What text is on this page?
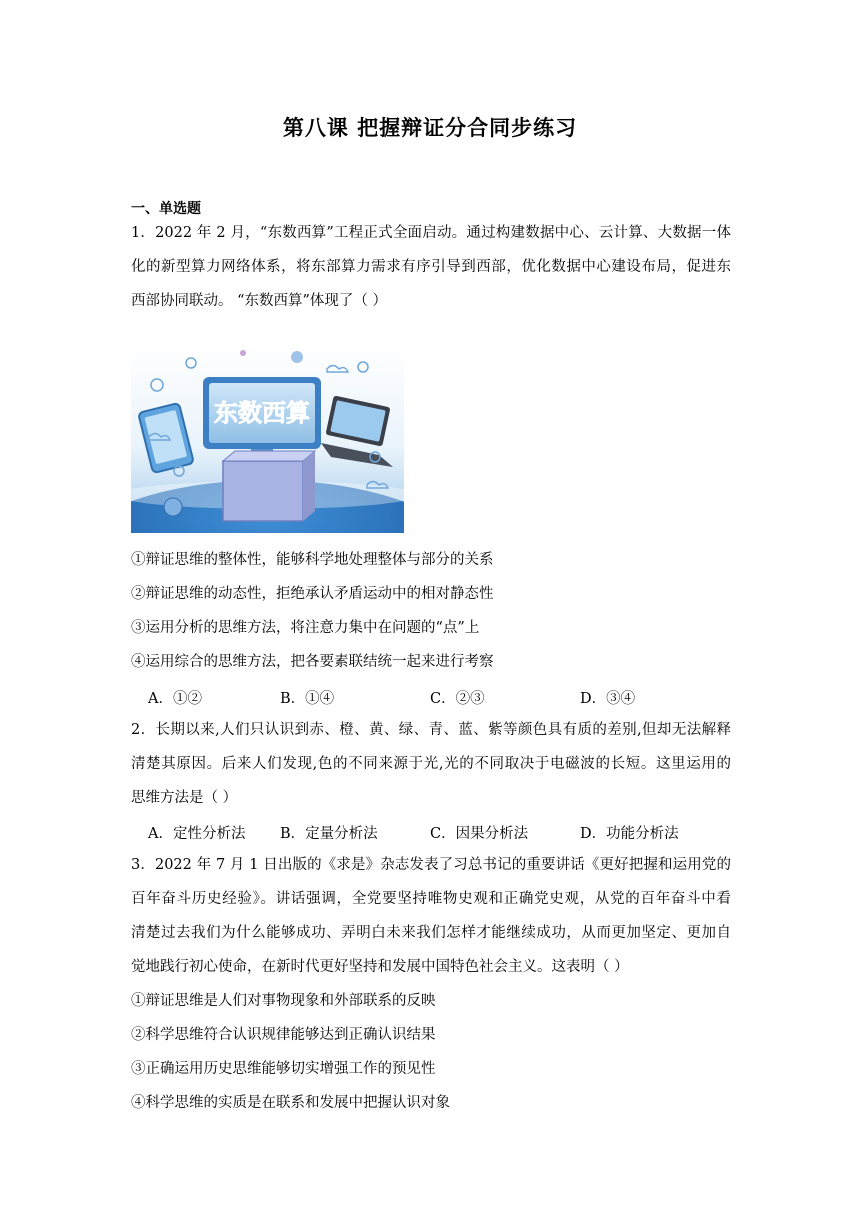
第八课 把握辩证分合同步练习
一、单选题
1．2022 年 2 月，“东数西算”工程正式全面启动。通过构建数据中心、云计算、大数据一体
化的新型算力网络体系，将东部算力需求有序引导到西部，优化数据中心建设布局，促进东
西部协同联动。 “东数西算”体现了（ ）
东数西算
①辩证思维的整体性，能够科学地处理整体与部分的关系
②辩证思维的动态性，拒绝承认矛盾运动中的相对静态性
③运用分析的思维方法，将注意力集中在问题的“点”上
④运用综合的思维方法，把各要素联结统一起来进行考察
A．①②	B．①④	C．②③	D．③④
2．长期以来,人们只认识到赤、橙、黄、绿、青、蓝、紫等颜色具有质的差别,但却无法解释
清楚其原因。后来人们发现,色的不同来源于光,光的不同取决于电磁波的长短。这里运用的
思维方法是（ ）
A．定性分析法 B．定量分析法	C．因果分析法	D．功能分析法
3．2022 年 7 月 1 日出版的《求是》杂志发表了习总书记的重要讲话《更好把握和运用党的
百年奋斗历史经验》。讲话强调，全党要坚持唯物史观和正确党史观，从党的百年奋斗中看
清楚过去我们为什么能够成功、弄明白未来我们怎样才能继续成功，从而更加坚定、更加自
觉地践行初心使命，在新时代更好坚持和发展中国特色社会主义。这表明（ ）
①辩证思维是人们对事物现象和外部联系的反映
②科学思维符合认识规律能够达到正确认识结果
③正确运用历史思维能够切实增强工作的预见性
④科学思维的实质是在联系和发展中把握认识对象
